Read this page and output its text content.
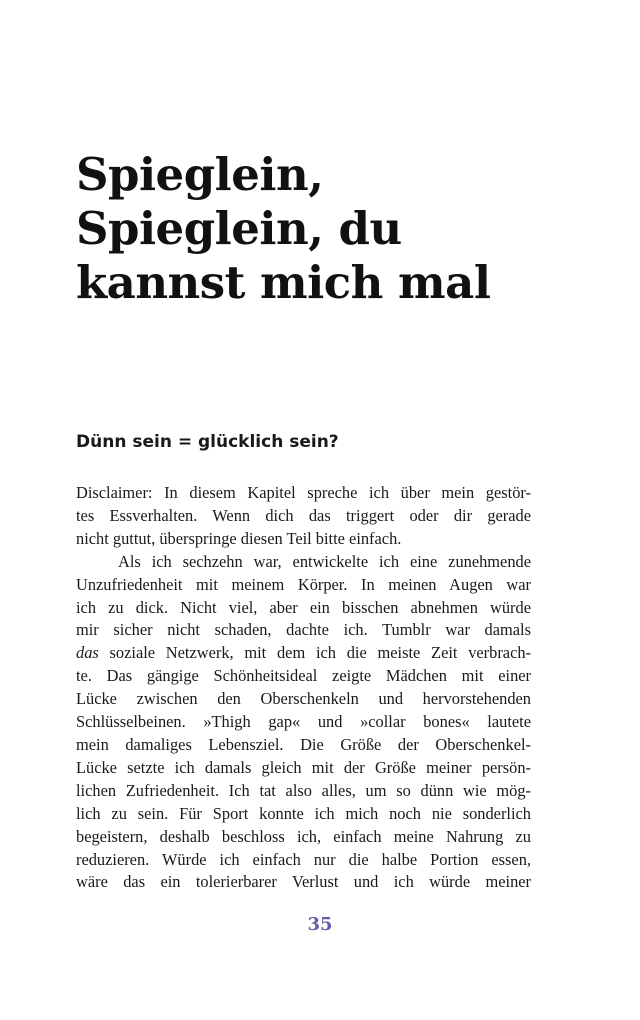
Spieglein,
Spieglein, du
kannst mich mal
Dünn sein = glücklich sein?
Disclaimer: In diesem Kapitel spreche ich über mein gestör-
tes Essverhalten. Wenn dich das triggert oder dir gerade
nicht guttut, überspringe diesen Teil bitte einfach.
Als ich sechzehn war, entwickelte ich eine zunehmende
Unzufriedenheit mit meinem Körper. In meinen Augen war
ich zu dick. Nicht viel, aber ein bisschen abnehmen würde
mir sicher nicht schaden, dachte ich. Tumblr war damals
das soziale Netzwerk, mit dem ich die meiste Zeit verbrach-
te. Das gängige Schönheitsideal zeigte Mädchen mit einer
Lücke zwischen den Oberschenkeln und hervorstehenden
Schlüsselbeinen. »Thigh gap« und »collar bones« lautete
mein damaliges Lebensziel. Die Größe der Oberschenkel-
Lücke setzte ich damals gleich mit der Größe meiner persön-
lichen Zufriedenheit. Ich tat also alles, um so dünn wie mög-
lich zu sein. Für Sport konnte ich mich noch nie sonderlich
begeistern, deshalb beschloss ich, einfach meine Nahrung zu
reduzieren. Würde ich einfach nur die halbe Portion essen,
wäre das ein tolerierbarer Verlust und ich würde meiner
35
